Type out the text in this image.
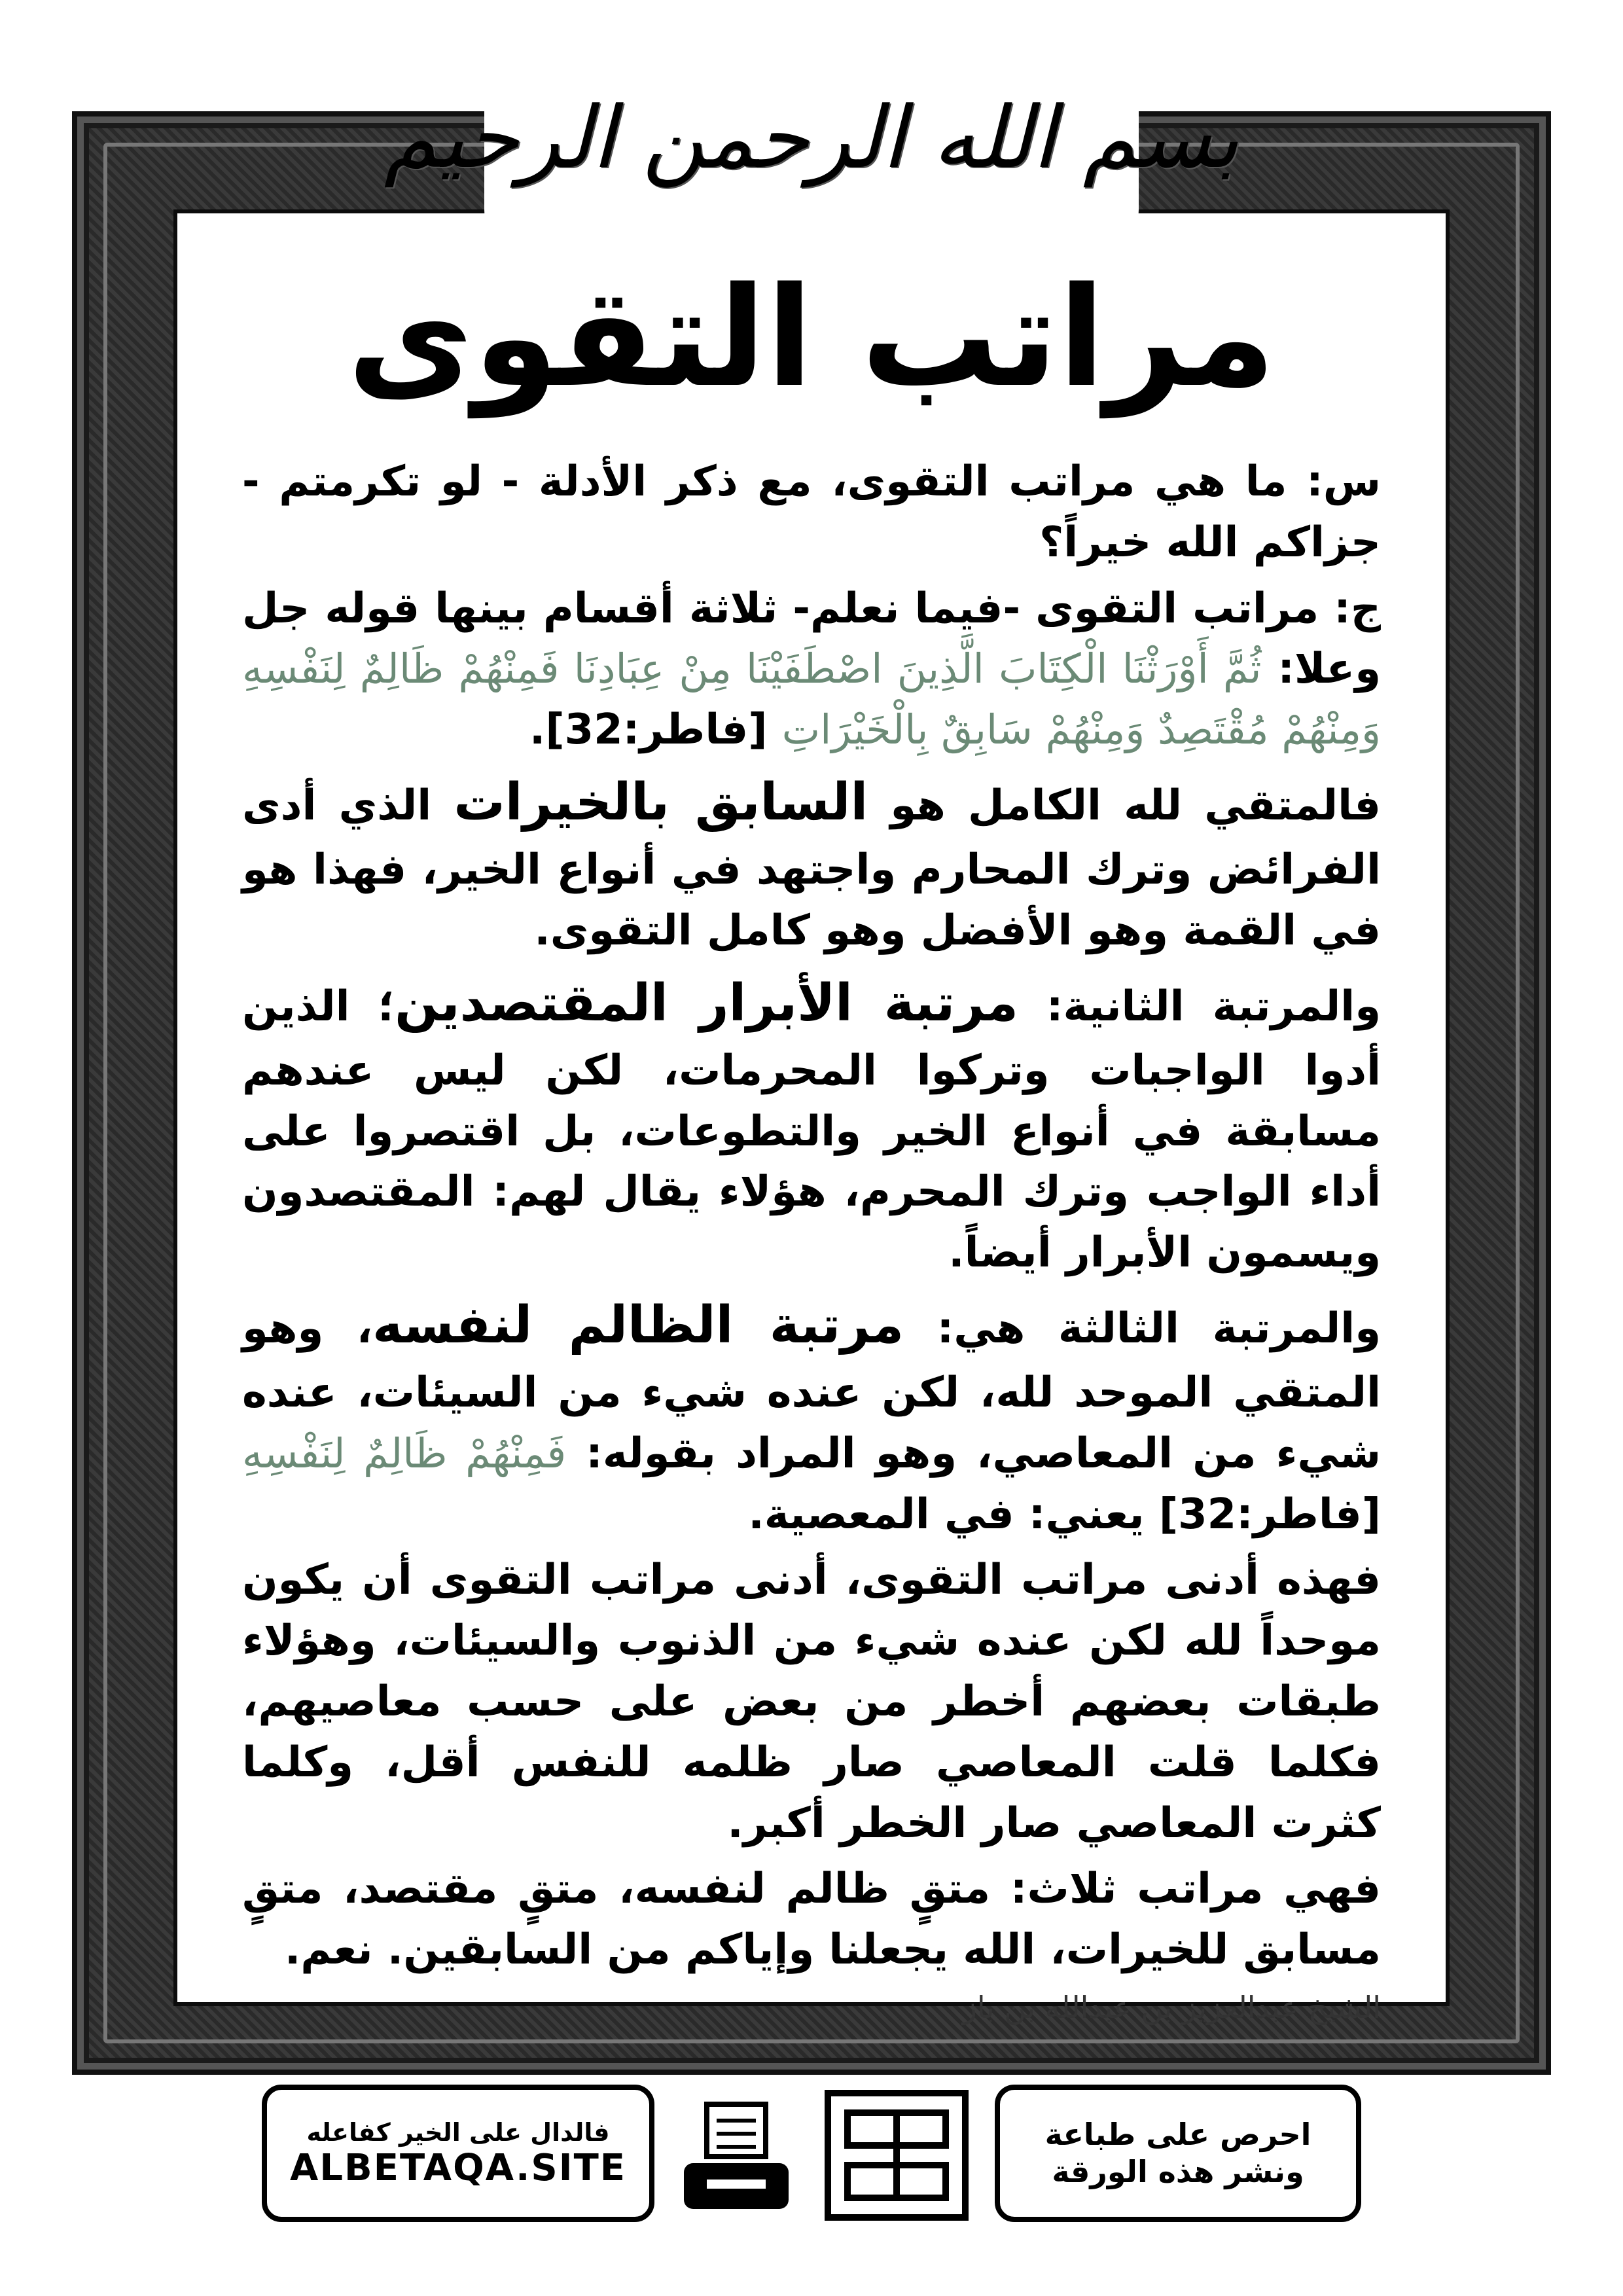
بسم الله الرحمن الرحيم
مراتب التقوى

س: ما هي مراتب التقوى، مع ذكر الأدلة - لو تكرمتم - جزاكم الله خيراً؟

ج: مراتب التقوى -فيما نعلم- ثلاثة أقسام بينها قوله جل وعلا: ثُمَّ أَوْرَثْنَا الْكِتَابَ الَّذِينَ اصْطَفَيْنَا مِنْ عِبَادِنَا فَمِنْهُمْ ظَالِمٌ لِنَفْسِهِ وَمِنْهُمْ مُقْتَصِدٌ وَمِنْهُمْ سَابِقٌ بِالْخَيْرَاتِ [فاطر:32].

فالمتقي لله الكامل هو السابق بالخيرات الذي أدى الفرائض وترك المحارم واجتهد في أنواع الخير، فهذا هو في القمة وهو الأفضل وهو كامل التقوى.

والمرتبة الثانية: مرتبة الأبرار المقتصدين؛ الذين أدوا الواجبات وتركوا المحرمات، لكن ليس عندهم مسابقة في أنواع الخير والتطوعات، بل اقتصروا على أداء الواجب وترك المحرم، هؤلاء يقال لهم: المقتصدون ويسمون الأبرار أيضاً.

والمرتبة الثالثة هي: مرتبة الظالم لنفسه، وهو المتقي الموحد لله، لكن عنده شيء من السيئات، عنده شيء من المعاصي، وهو المراد بقوله: فَمِنْهُمْ ظَالِمٌ لِنَفْسِهِ [فاطر:32] يعني: في المعصية.

فهذه أدنى مراتب التقوى، أدنى مراتب التقوى أن يكون موحداً لله لكن عنده شيء من الذنوب والسيئات، وهؤلاء طبقات بعضهم أخطر من بعض على حسب معاصيهم، فكلما قلت المعاصي صار ظلمه للنفس أقل، وكلما كثرت المعاصي صار الخطر أكبر.

فهي مراتب ثلاث: متقٍ ظالم لنفسه، متقٍ مقتصد، متقٍ مسابق للخيرات، الله يجعلنا وإياكم من السابقين. نعم.

الشيخ عبدالعزيز بن عبدالله بن باز
فالدال على الخير كفاعله
ALBETAQA.SITE
احرص على طباعة
ونشر هذه الورقة
